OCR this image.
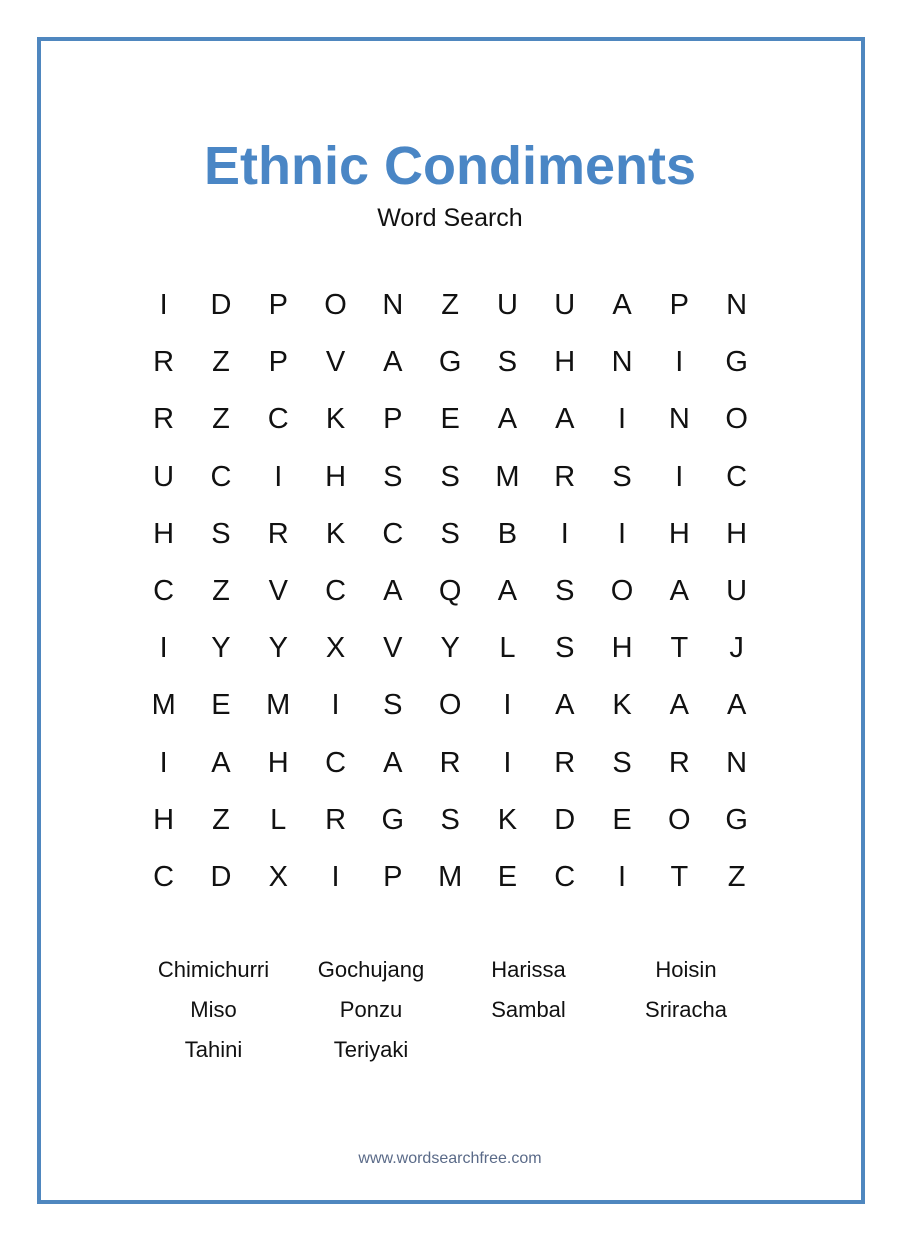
Ethnic Condiments
Word Search
I	D	P	O	N	Z	U	U	A	P	N
R	Z	P	V	A	G	S	H	N	I	G
R	Z	C	K	P	E	A	A	I	N	O
U	C	I	H	S	S	M	R	S	I	C
H	S	R	K	C	S	B	I	I	H	H
C	Z	V	C	A	Q	A	S	O	A	U
I	Y	Y	X	V	Y	L	S	H	T	J
M	E	M	I	S	O	I	A	K	A	A
I	A	H	C	A	R	I	R	S	R	N
H	Z	L	R	G	S	K	D	E	O	G
C	D	X	I	P	M	E	C	I	T	Z
Chimichurri	Gochujang	Harissa	Hoisin
Miso	Ponzu	Sambal	Sriracha
Tahini	Teriyaki
www.wordsearchfree.com
